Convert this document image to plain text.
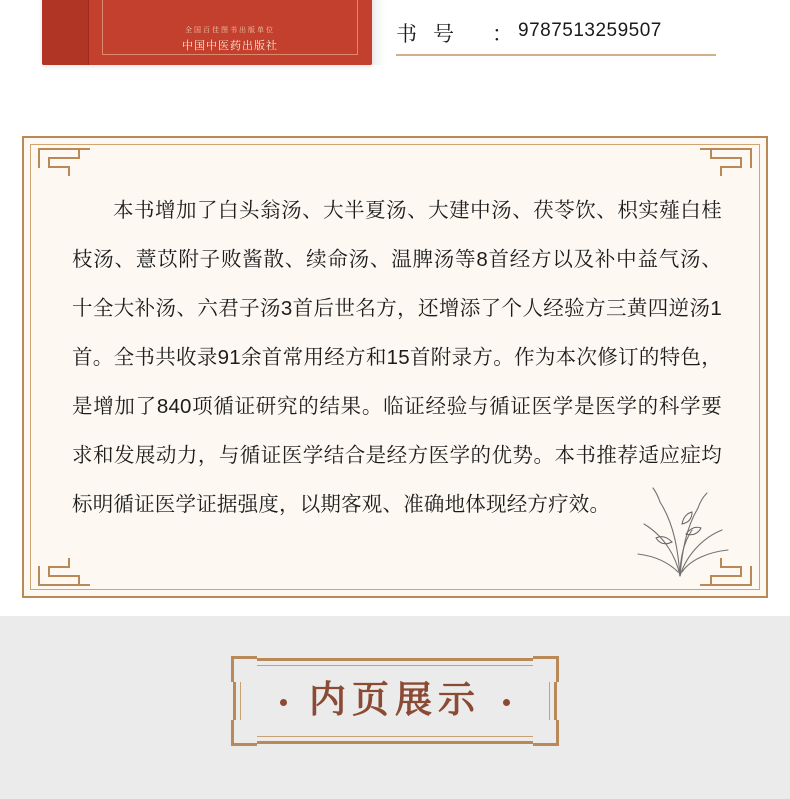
全国百佳图书出版单位
中国中医药出版社	书号 ： 9787513259507
本书增加了白头翁汤、大半夏汤、大建中汤、茯苓饮、枳实薤白桂枝汤、薏苡附子败酱散、续命汤、温脾汤等8首经方以及补中益气汤、十全大补汤、六君子汤3首后世名方，还增添了个人经验方三黄四逆汤1首。全书共收录91余首常用经方和15首附录方。作为本次修订的特色，是增加了840项循证研究的结果。临证经验与循证医学是医学的科学要求和发展动力，与循证医学结合是经方医学的优势。本书推荐适应症均标明循证医学证据强度，以期客观、准确地体现经方疗效。
内页展示
